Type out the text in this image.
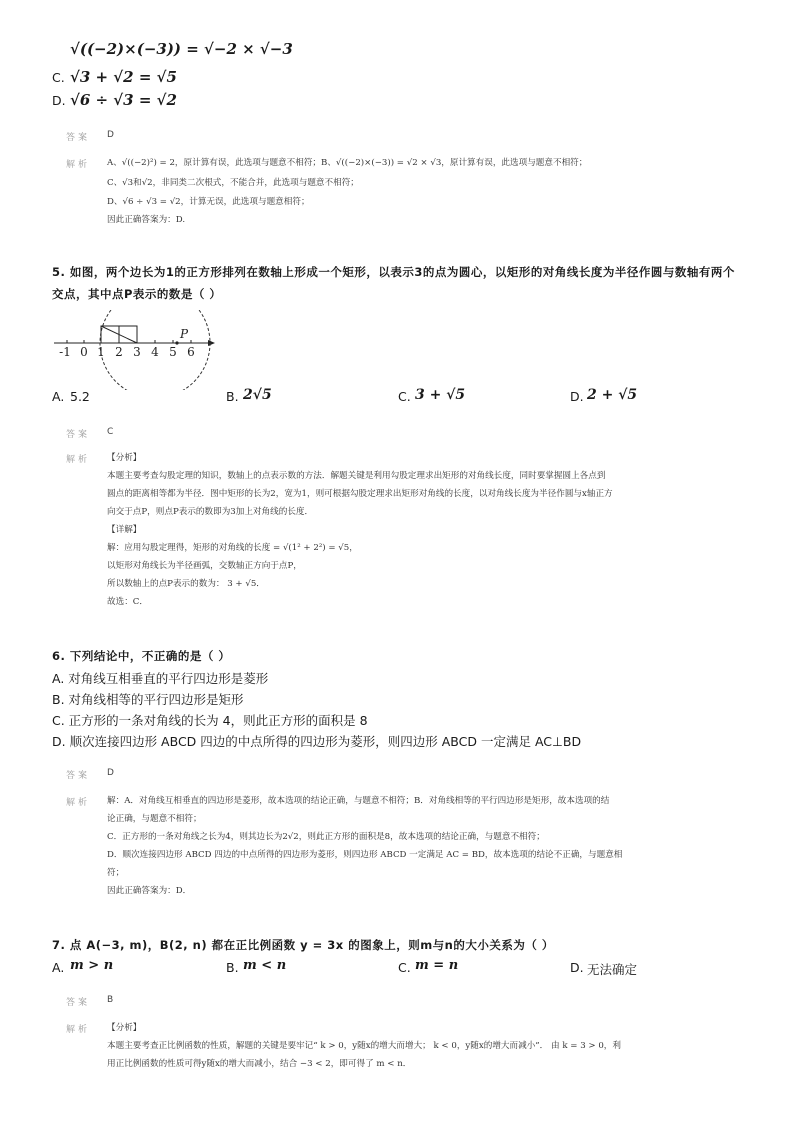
√((−2)×(−3)) = √−2 × √−3
C. √3 + √2 = √5
D. √6 ÷ √3 = √2
答案 D
解析 A、√((−2)²) = 2，原计算有误，此选项与题意不相符；B、√((−2)×(−3)) = √2 × √3，原计算有误，此选项与题意不相符；
C、√3和√2，非同类二次根式，不能合并，此选项与题意不相符；
D、√6 ÷ √3 = √2，计算无误，此选项与题意相符；
因此正确答案为：D.
5. 如图，两个边长为1的正方形排列在数轴上形成一个矩形，以表示3的点为圆心，以矩形的对角线长度为半径作圆与数轴有两个
交点，其中点P表示的数是（ ）
P
-1 0 1 2 3 4 5 6
A. 5.2	B. 2√5	C. 3 + √5	D. 2 + √5
答案 C
解析 【分析】
本题主要考查勾股定理的知识，数轴上的点表示数的方法．解题关键是利用勾股定理求出矩形的对角线长度，同时要掌握圆上各点到
圆点的距离相等都为半径．图中矩形的长为2，宽为1，则可根据勾股定理求出矩形对角线的长度，以对角线长度为半径作圆与x轴正方
向交于点P，则点P表示的数即为3加上对角线的长度．
【详解】
解：应用勾股定理得，矩形的对角线的长度 = √(1² + 2²) = √5，
以矩形对角线长为半径画弧，交数轴正方向于点P，
所以数轴上的点P表示的数为： 3 + √5．
故选：C．
6. 下列结论中，不正确的是（ ）
A. 对角线互相垂直的平行四边形是菱形
B. 对角线相等的平行四边形是矩形
C. 正方形的一条对角线的长为 4，则此正方形的面积是 8
D. 顺次连接四边形 ABCD 四边的中点所得的四边形为菱形，则四边形 ABCD 一定满足 AC⊥BD
答案 D
解析 解：A．对角线互相垂直的四边形是菱形，故本选项的结论正确，与题意不相符；B．对角线相等的平行四边形是矩形，故本选项的结
论正确，与题意不相符；
C．正方形的一条对角线之长为4，则其边长为2√2，则此正方形的面积是8，故本选项的结论正确，与题意不相符；
D．顺次连接四边形 ABCD 四边的中点所得的四边形为菱形，则四边形 ABCD 一定满足 AC = BD，故本选项的结论不正确，与题意相
符；
因此正确答案为：D．
7. 点 A(−3, m)，B(2, n) 都在正比例函数 y = 3x 的图象上，则m与n的大小关系为（ ）
A. m > n	B. m < n	C. m = n	D. 无法确定
答案 B
解析 【分析】
本题主要考查正比例函数的性质，解题的关键是要牢记“ k > 0，y随x的增大而增大； k < 0，y随x的增大而减小”． 由 k = 3 > 0，利
用正比例函数的性质可得y随x的增大而减小，结合 −3 < 2，即可得了 m < n．
